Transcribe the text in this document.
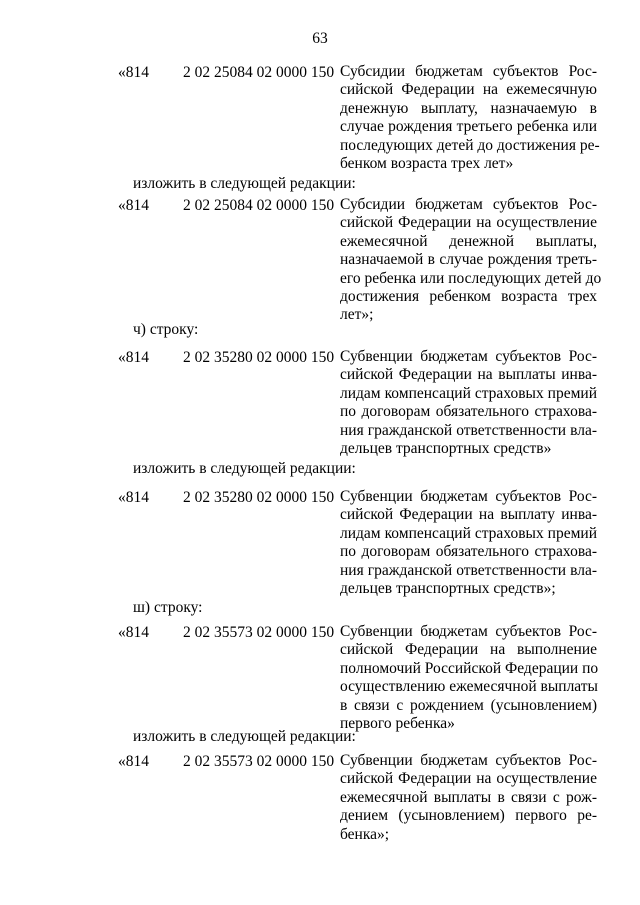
63
«814 2 02 25084 02 0000 150 Субсидии бюджетам субъектов Рос-
сийской Федерации на ежемесячную
денежную выплату, назначаемую в
случае рождения третьего ребенка или
последующих детей до достижения ре-
бенком возраста трех лет»
изложить в следующей редакции:
«814 2 02 25084 02 0000 150 Субсидии бюджетам субъектов Рос-
сийской Федерации на осуществление
ежемесячной денежной выплаты,
назначаемой в случае рождения треть-
его ребенка или последующих детей до
достижения ребенком возраста трех
лет»;
ч) строку:
«814 2 02 35280 02 0000 150 Субвенции бюджетам субъектов Рос-
сийской Федерации на выплаты инва-
лидам компенсаций страховых премий
по договорам обязательного страхова-
ния гражданской ответственности вла-
дельцев транспортных средств»
изложить в следующей редакции:
«814 2 02 35280 02 0000 150 Субвенции бюджетам субъектов Рос-
сийской Федерации на выплату инва-
лидам компенсаций страховых премий
по договорам обязательного страхова-
ния гражданской ответственности вла-
дельцев транспортных средств»;
ш) строку:
«814 2 02 35573 02 0000 150 Субвенции бюджетам субъектов Рос-
сийской Федерации на выполнение
полномочий Российской Федерации по
осуществлению ежемесячной выплаты
в связи с рождением (усыновлением)
первого ребенка»
изложить в следующей редакции:
«814 2 02 35573 02 0000 150 Субвенции бюджетам субъектов Рос-
сийской Федерации на осуществление
ежемесячной выплаты в связи с рож-
дением (усыновлением) первого ре-
бенка»;
